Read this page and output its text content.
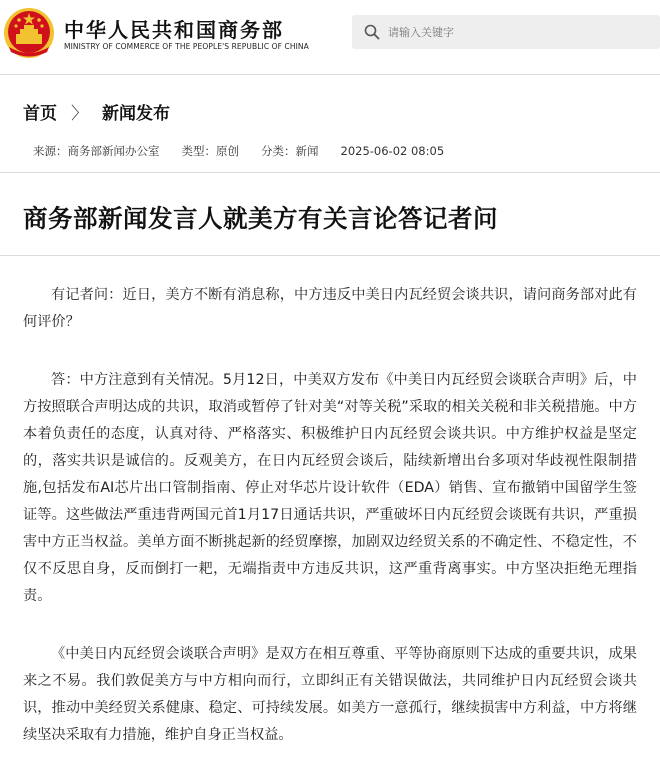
中华人民共和国商务部
MINISTRY OF COMMERCE OF THE PEOPLE'S REPUBLIC OF CHINA
请输入关键字
首页 〉 新闻发布
来源：商务部新闻办公室 类型：原创 分类：新闻 2025-06-02 08:05
商务部新闻发言人就美方有关言论答记者问

有记者问：近日，美方不断有消息称，中方违反中美日内瓦经贸会谈共识，请问商务部对此有何评价？

答：中方注意到有关情况。5月12日，中美双方发布《中美日内瓦经贸会谈联合声明》后，中方按照联合声明达成的共识，取消或暂停了针对美“对等关税”采取的相关关税和非关税措施。中方本着负责任的态度，认真对待、严格落实、积极维护日内瓦经贸会谈共识。中方维护权益是坚定的，落实共识是诚信的。反观美方，在日内瓦经贸会谈后，陆续新增出台多项对华歧视性限制措施,包括发布AI芯片出口管制指南、停止对华芯片设计软件（EDA）销售、宣布撤销中国留学生签证等。这些做法严重违背两国元首1月17日通话共识，严重破坏日内瓦经贸会谈既有共识，严重损害中方正当权益。美单方面不断挑起新的经贸摩擦，加剧双边经贸关系的不确定性、不稳定性，不仅不反思自身，反而倒打一耙，无端指责中方违反共识，这严重背离事实。中方坚决拒绝无理指责。

《中美日内瓦经贸会谈联合声明》是双方在相互尊重、平等协商原则下达成的重要共识，成果来之不易。我们敦促美方与中方相向而行，立即纠正有关错误做法，共同维护日内瓦经贸会谈共识，推动中美经贸关系健康、稳定、可持续发展。如美方一意孤行，继续损害中方利益，中方将继续坚决采取有力措施，维护自身正当权益。
